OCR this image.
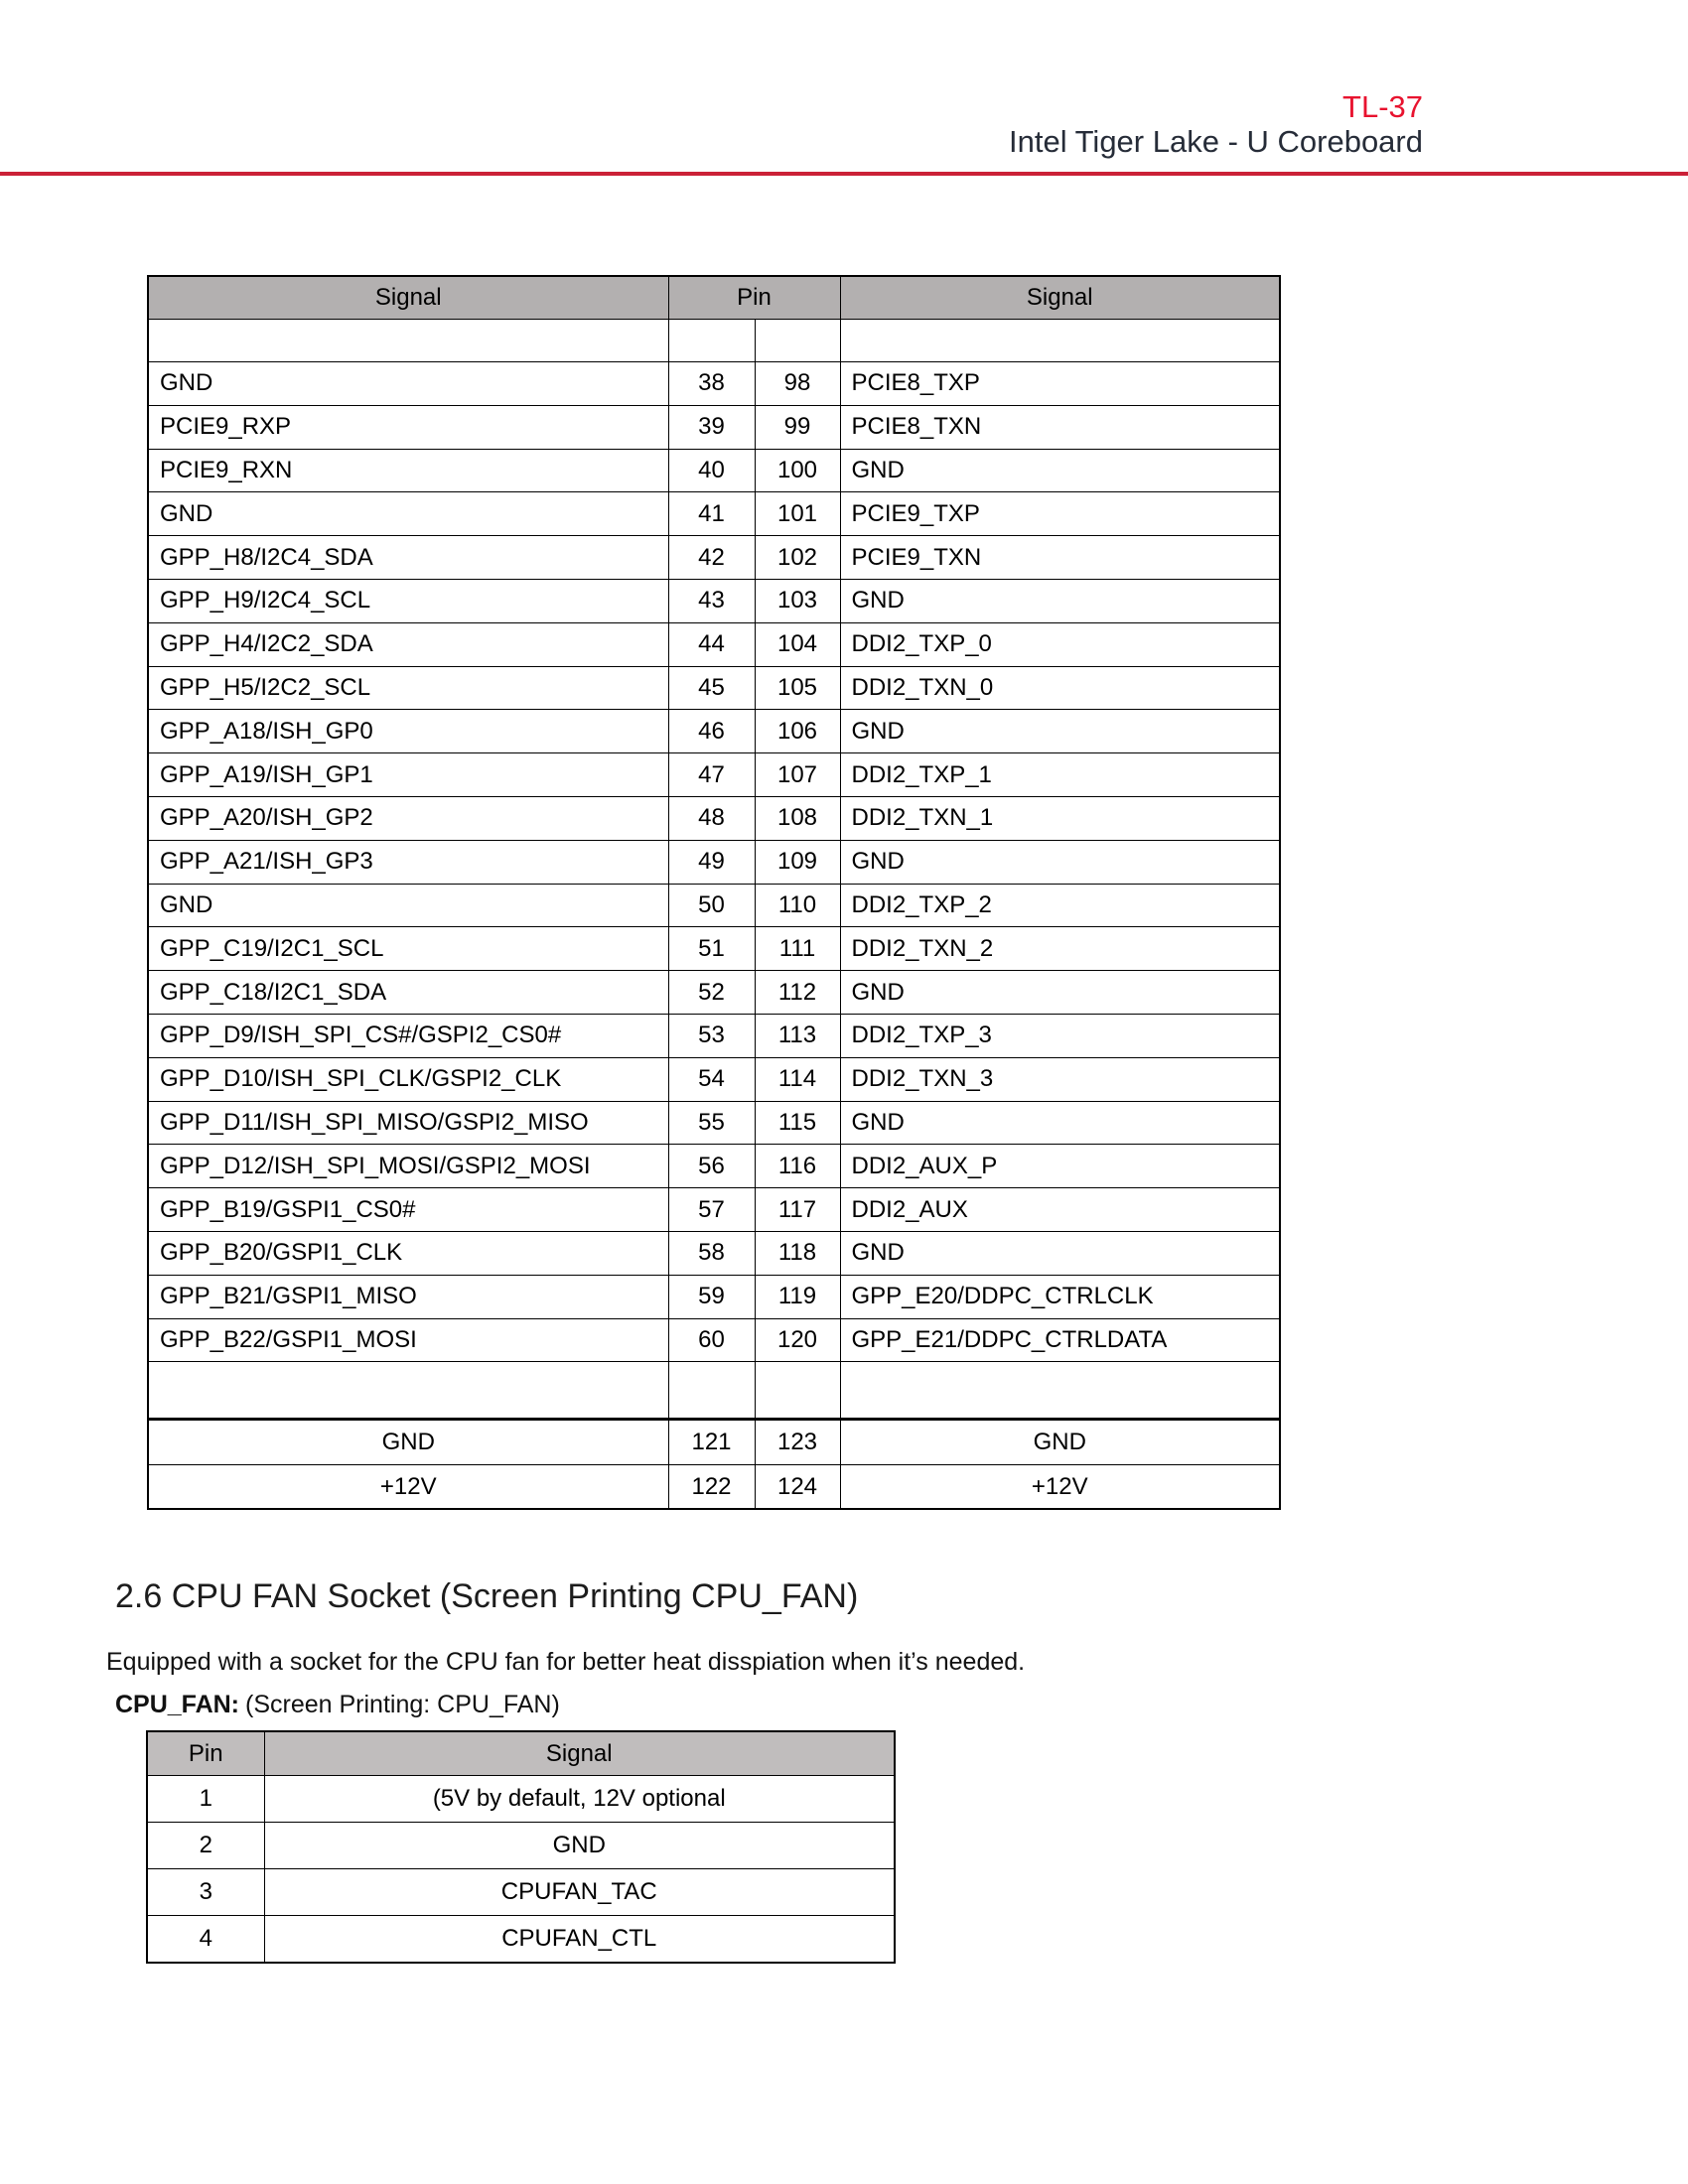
TL-37
Intel Tiger Lake - U Coreboard
Signal	Pin		Signal

GND	38	98	PCIE8_TXP
PCIE9_RXP	39	99	PCIE8_TXN
PCIE9_RXN	40	100	GND
GND	41	101	PCIE9_TXP
GPP_H8/I2C4_SDA	42	102	PCIE9_TXN
GPP_H9/I2C4_SCL	43	103	GND
GPP_H4/I2C2_SDA	44	104	DDI2_TXP_0
GPP_H5/I2C2_SCL	45	105	DDI2_TXN_0
GPP_A18/ISH_GP0	46	106	GND
GPP_A19/ISH_GP1	47	107	DDI2_TXP_1
GPP_A20/ISH_GP2	48	108	DDI2_TXN_1
GPP_A21/ISH_GP3	49	109	GND
GND	50	110	DDI2_TXP_2
GPP_C19/I2C1_SCL	51	111	DDI2_TXN_2
GPP_C18/I2C1_SDA	52	112	GND
GPP_D9/ISH_SPI_CS#/GSPI2_CS0#	53	113	DDI2_TXP_3
GPP_D10/ISH_SPI_CLK/GSPI2_CLK	54	114	DDI2_TXN_3
GPP_D11/ISH_SPI_MISO/GSPI2_MISO	55	115	GND
GPP_D12/ISH_SPI_MOSI/GSPI2_MOSI	56	116	DDI2_AUX_P
GPP_B19/GSPI1_CS0#	57	117	DDI2_AUX
GPP_B20/GSPI1_CLK	58	118	GND
GPP_B21/GSPI1_MISO	59	119	GPP_E20/DDPC_CTRLCLK
GPP_B22/GSPI1_MOSI	60	120	GPP_E21/DDPC_CTRLDATA

GND	121	123	GND
+12V	122	124	+12V
2.6 CPU FAN Socket (Screen Printing CPU_FAN)
Equipped with a socket for the CPU fan for better heat disspiation when it’s needed.
CPU_FAN: (Screen Printing: CPU_FAN)
Pin	Signal
1	(5V by default, 12V optional
2	GND
3	CPUFAN_TAC
4	CPUFAN_CTL
